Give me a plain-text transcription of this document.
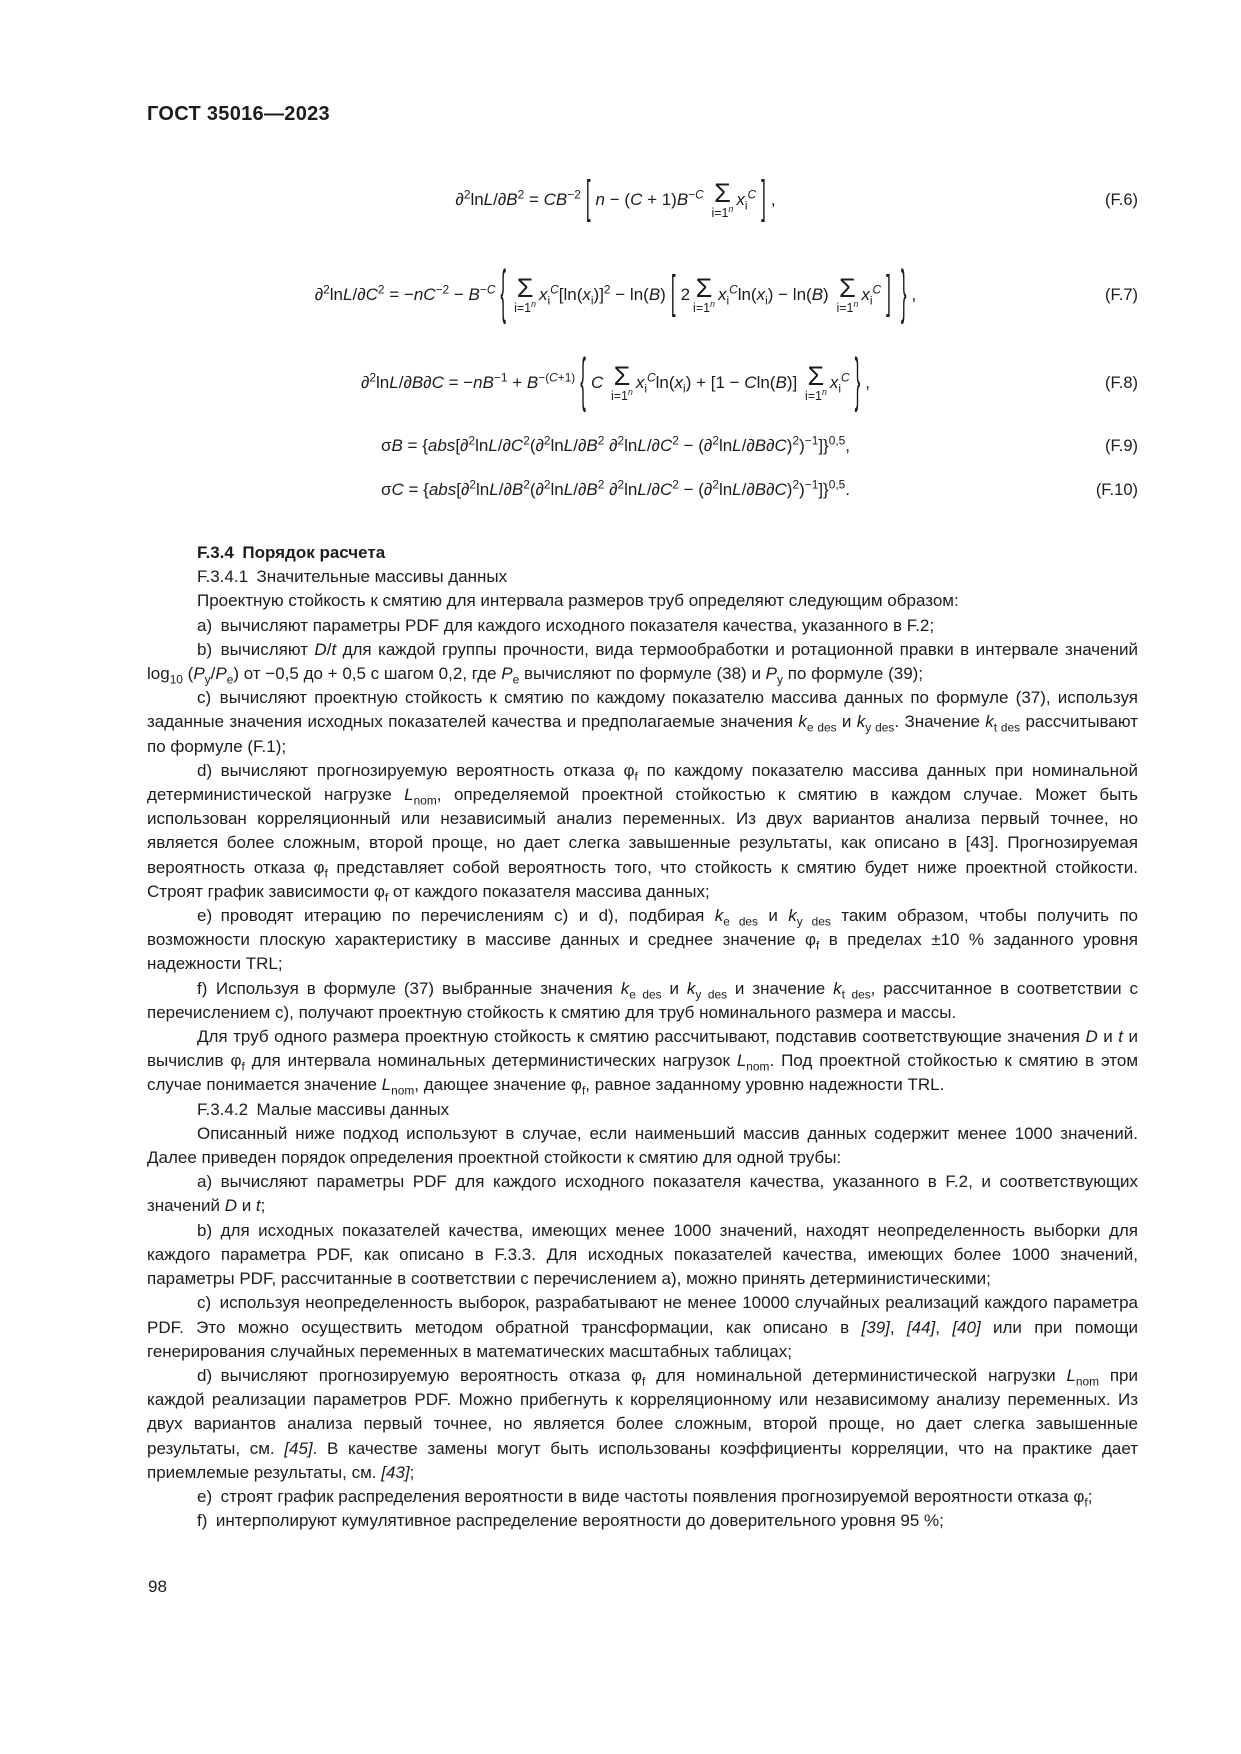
ГОСТ 35016—2023
$\partial^2\ln L/\partial B^2 = CB^{-2}$ [ $n - (C + 1)B^{-C}$ Σ
$i=1^n$ $x_i^C$ ] ,	(F.6)
$\partial^2\ln L/\partial C^2 = -nC^{-2} - B^{-C}$ { Σ
$i=1^n$ $x_i^C[\ln(x_i)]^2 - \ln(B)$ [ 2 Σ
$i=1^n$ $x_i^C\ln(x_i) - \ln(B)$ Σ
$i=1^n$ $x_i^C$ ] } ,	(F.7)
$\partial^2\ln L/\partial B\partial C = -nB^{-1} + B^{-(C+1)}$ { C Σ
$i=1^n$ $x_i^C\ln(x_i) + [1 - Cln(B)]$ Σ
$i=1^n$ $x_i^C$ } ,	(F.8)
$\sigma B = \{abs[\partial^2\ln L/\partial C^2(\partial^2\ln L/\partial B^2$ $\partial^2\ln L/\partial C^2 - (\partial^2\ln L/\partial B\partial C)^2)^{-1}]\}^{0,5}$,	(F.9)
$\sigma C = \{abs[\partial^2\ln L/\partial B^2(\partial^2\ln L/\partial B^2$ $\partial^2\ln L/\partial C^2 - (\partial^2\ln L/\partial B\partial C)^2)^{-1}]\}^{0,5}$.	(F.10)

F.3.4 Порядок расчета

F.3.4.1 Значительные массивы данных

Проектную стойкость к смятию для интервала размеров труб определяют следующим образом:

a) вычисляют параметры PDF для каждого исходного показателя качества, указанного в F.2;

b) вычисляют D/t для каждой группы прочности, вида термообработки и ротационной правки в интервале значений $\log_{10} (P_y/P_e)$ от −0,5 до + 0,5 с шагом 0,2, где $P_e$ вычисляют по формуле (38) и $P_y$ по формуле (39);

c) вычисляют проектную стойкость к смятию по каждому показателю массива данных по формуле (37), используя заданные значения исходных показателей качества и предполагаемые значения $k_{e des}$ и $k_{y des}$. Значение $k_{t des}$ рассчитывают по формуле (F.1);

d) вычисляют прогнозируемую вероятность отказа $\varphi_f$ по каждому показателю массива данных при номинальной детерминистической нагрузке $L_{nom}$, определяемой проектной стойкостью к смятию в каждом случае. Может быть использован корреляционный или независимый анализ переменных. Из двух вариантов анализа первый точнее, но является более сложным, второй проще, но дает слегка завышенные результаты, как описано в [43]. Прогнозируемая вероятность отказа $\varphi_f$ представляет собой вероятность того, что стойкость к смятию будет ниже проектной стойкости. Строят график зависимости $\varphi_f$ от каждого показателя массива данных;

e) проводят итерацию по перечислениям c) и d), подбирая $k_{e des}$ и $k_{y des}$ таким образом, чтобы получить по возможности плоскую характеристику в массиве данных и среднее значение $\varphi_f$ в пределах ±10 % заданного уровня надежности TRL;

f) Используя в формуле (37) выбранные значения $k_{e des}$ и $k_{y des}$ и значение $k_{t des}$, рассчитанное в соответствии с перечислением c), получают проектную стойкость к смятию для труб номинального размера и массы.

Для труб одного размера проектную стойкость к смятию рассчитывают, подставив соответствующие значения D и t и вычислив $\varphi_f$ для интервала номинальных детерминистических нагрузок $L_{nom}$. Под проектной стойкостью к смятию в этом случае понимается значение $L_{nom}$, дающее значение $\varphi_f$, равное заданному уровню надежности TRL.

F.3.4.2 Малые массивы данных

Описанный ниже подход используют в случае, если наименьший массив данных содержит менее 1000 значений. Далее приведен порядок определения проектной стойкости к смятию для одной трубы:

a) вычисляют параметры PDF для каждого исходного показателя качества, указанного в F.2, и соответствующих значений D и t;

b) для исходных показателей качества, имеющих менее 1000 значений, находят неопределенность выборки для каждого параметра PDF, как описано в F.3.3. Для исходных показателей качества, имеющих более 1000 значений, параметры PDF, рассчитанные в соответствии с перечислением a), можно принять детерминистическими;

c) используя неопределенность выборок, разрабатывают не менее 10000 случайных реализаций каждого параметра PDF. Это можно осуществить методом обратной трансформации, как описано в [39], [44], [40] или при помощи генерирования случайных переменных в математических масштабных таблицах;

d) вычисляют прогнозируемую вероятность отказа $\varphi_f$ для номинальной детерминистической нагрузки $L_{nom}$ при каждой реализации параметров PDF. Можно прибегнуть к корреляционному или независимому анализу переменных. Из двух вариантов анализа первый точнее, но является более сложным, второй проще, но дает слегка завышенные результаты, см. [45]. В качестве замены могут быть использованы коэффициенты корреляции, что на практике дает приемлемые результаты, см. [43];

e) строят график распределения вероятности в виде частоты появления прогнозируемой вероятности отказа $\varphi_f$;

f) интерполируют кумулятивное распределение вероятности до доверительного уровня 95 %;

98
